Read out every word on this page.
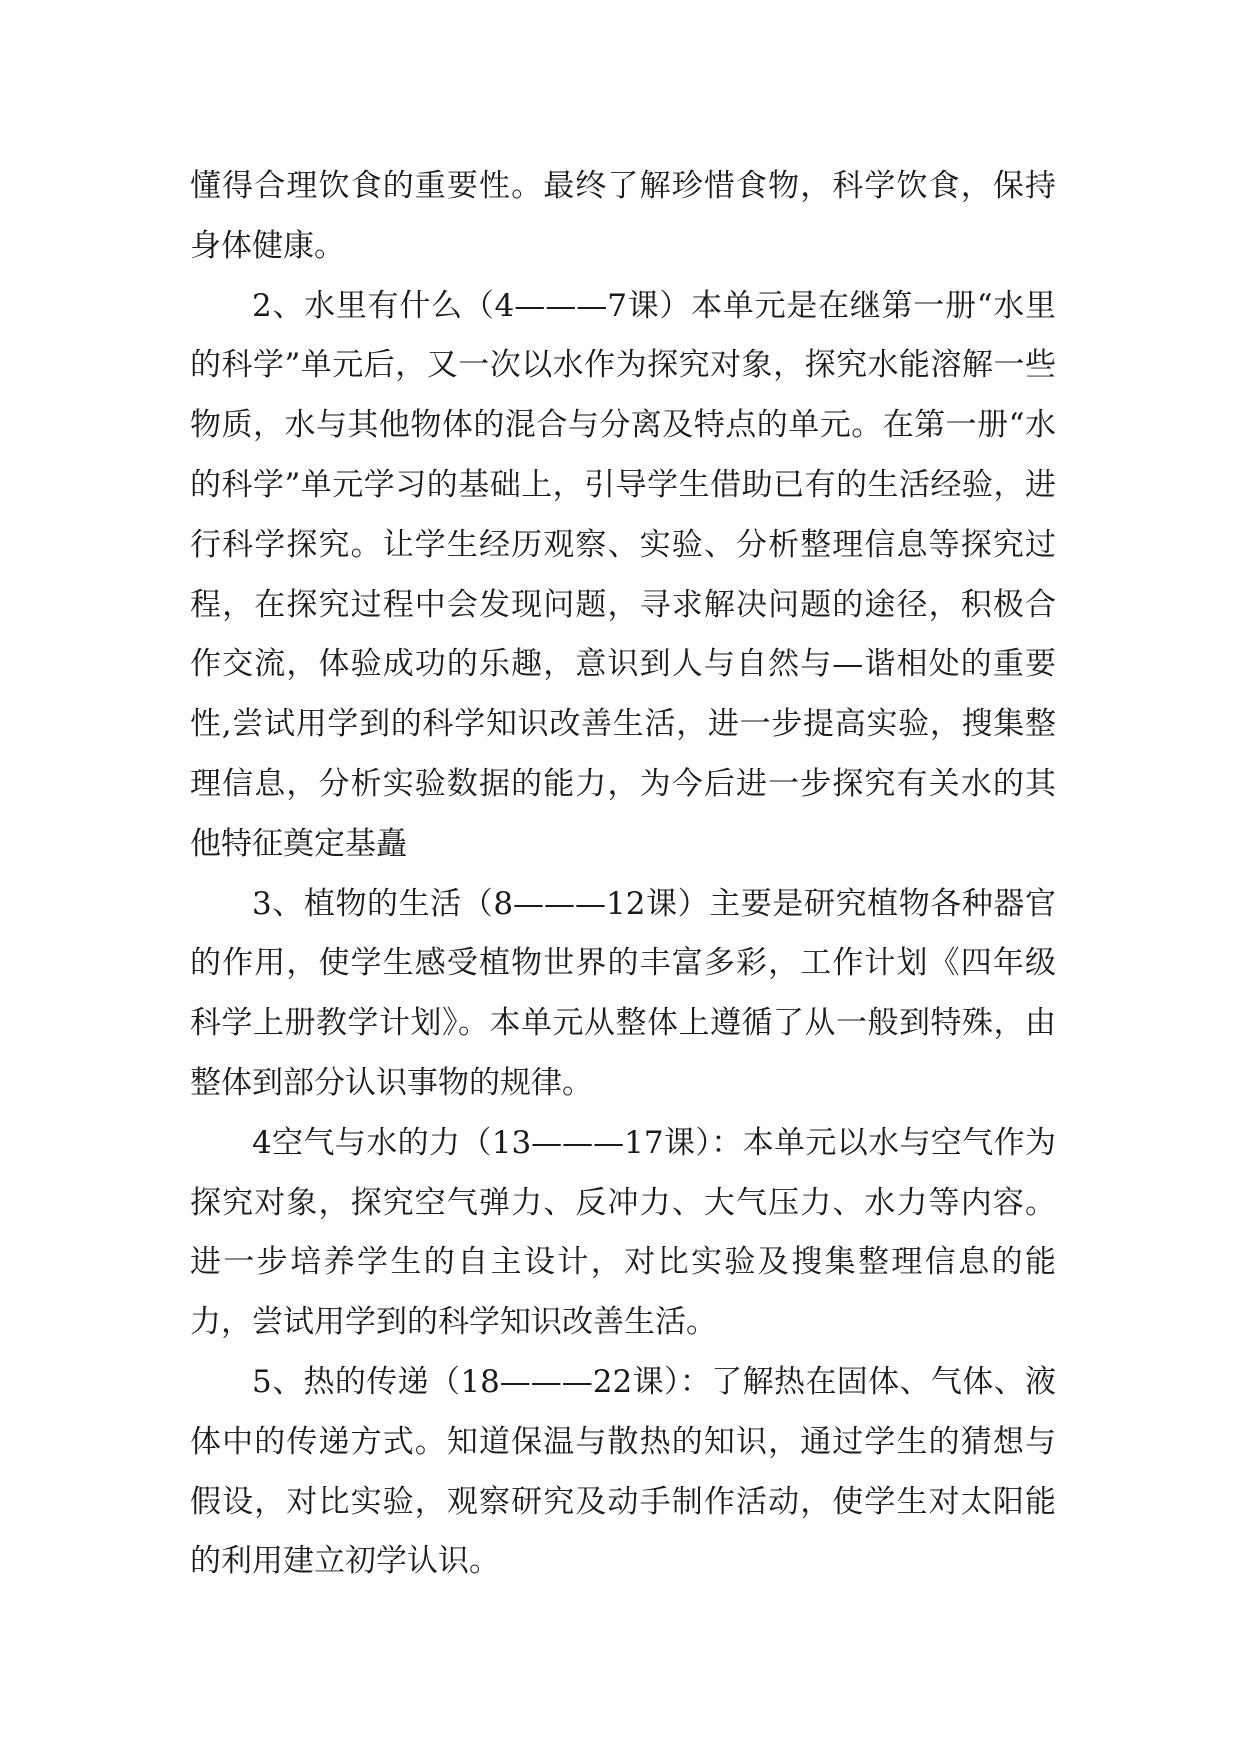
懂得合理饮食的重要性。最终了解珍惜食物，科学饮食，保持身体健康。

2、水里有什么（4———7课）本单元是在继第一册“水里的科学”单元后，又一次以水作为探究对象，探究水能溶解一些物质，水与其他物体的混合与分离及特点的单元。在第一册“水的科学”单元学习的基础上，引导学生借助已有的生活经验，进行科学探究。让学生经历观察、实验、分析整理信息等探究过程，在探究过程中会发现问题，寻求解决问题的途径，积极合作交流，体验成功的乐趣，意识到人与自然与—谐相处的重要性,尝试用学到的科学知识改善生活，进一步提高实验，搜集整理信息，分析实验数据的能力，为今后进一步探究有关水的其他特征奠定基矗

3、植物的生活（8———12课）主要是研究植物各种器官的作用，使学生感受植物世界的丰富多彩，工作计划《四年级科学上册教学计划》。本单元从整体上遵循了从一般到特殊，由整体到部分认识事物的规律。

4空气与水的力（13———17课）：本单元以水与空气作为探究对象，探究空气弹力、反冲力、大气压力、水力等内容。进一步培养学生的自主设计，对比实验及搜集整理信息的能力，尝试用学到的科学知识改善生活。

5、热的传递（18———22课）：了解热在固体、气体、液体中的传递方式。知道保温与散热的知识，通过学生的猜想与假设，对比实验，观察研究及动手制作活动，使学生对太阳能的利用建立初学认识。
